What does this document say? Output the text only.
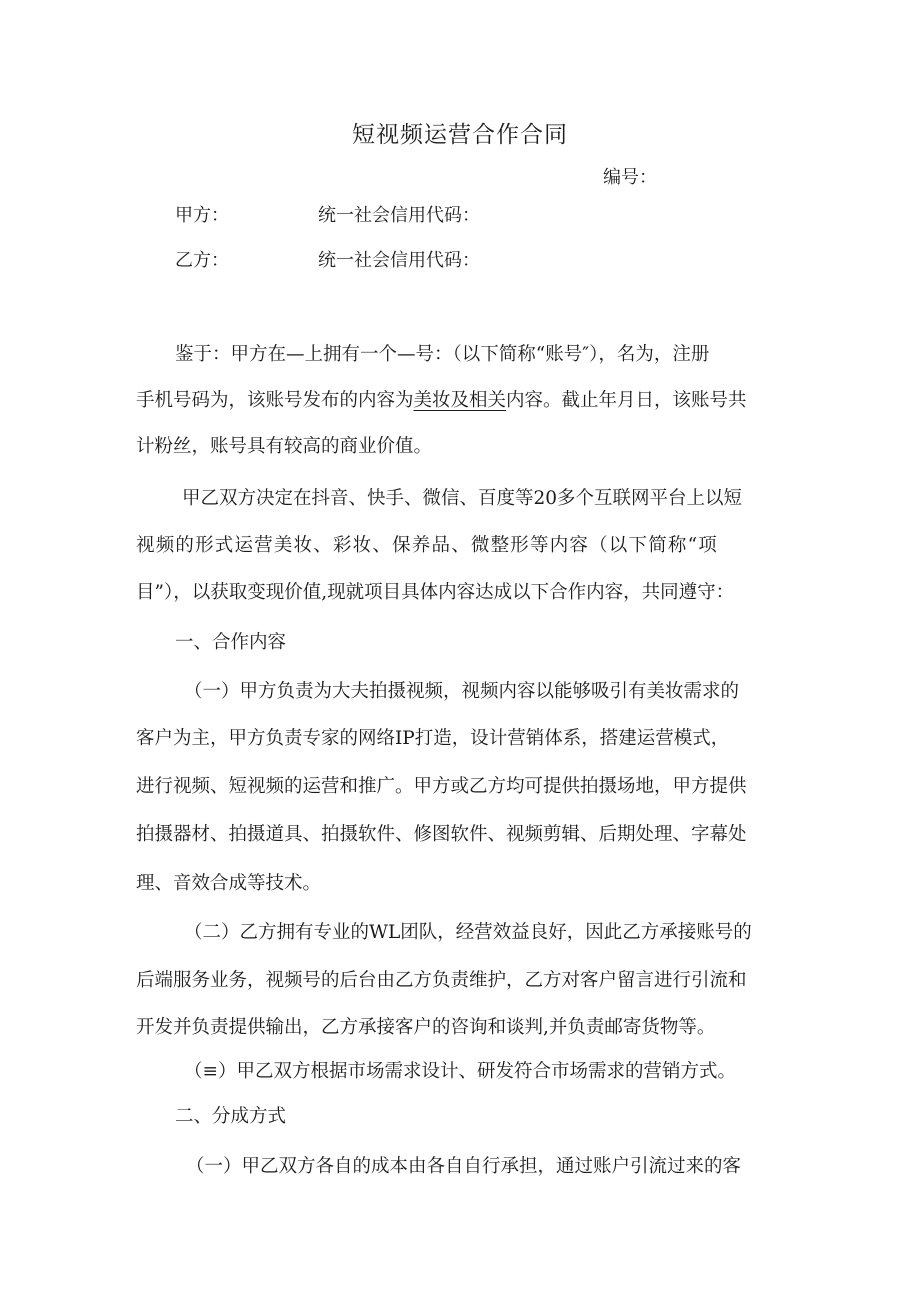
短视频运营合作合同
编号：
甲方：	统一社会信用代码：
乙方：	统一社会信用代码：
鉴于：甲方在—上拥有一个—号：（以下简称“账号″），名为，注册
手机号码为，该账号发布的内容为美妆及相关内容。截止年月日，该账号共
计粉丝，账号具有较高的商业价值。
甲乙双方决定在抖音、快手、微信、百度等20多个互联网平台上以短
视频的形式运营美妆、彩妆、保养品、微整形等内容（以下简称“项
目”），以获取变现价值,现就项目具体内容达成以下合作内容，共同遵守：
一、合作内容
（一）甲方负责为大夫拍摄视频，视频内容以能够吸引有美妆需求的
客户为主，甲方负责专家的网络IP打造，设计营销体系，搭建运营模式，
进行视频、短视频的运营和推广。甲方或乙方均可提供拍摄场地，甲方提供
拍摄器材、拍摄道具、拍摄软件、修图软件、视频剪辑、后期处理、字幕处
理、音效合成等技术。
（二）乙方拥有专业的WL团队，经营效益良好，因此乙方承接账号的
后端服务业务，视频号的后台由乙方负责维护，乙方对客户留言进行引流和
开发并负责提供输出，乙方承接客户的咨询和谈判,并负责邮寄货物等。
（≡）甲乙双方根据市场需求设计、研发符合市场需求的营销方式。
二、分成方式
（一）甲乙双方各自的成本由各自自行承担，通过账户引流过来的客
